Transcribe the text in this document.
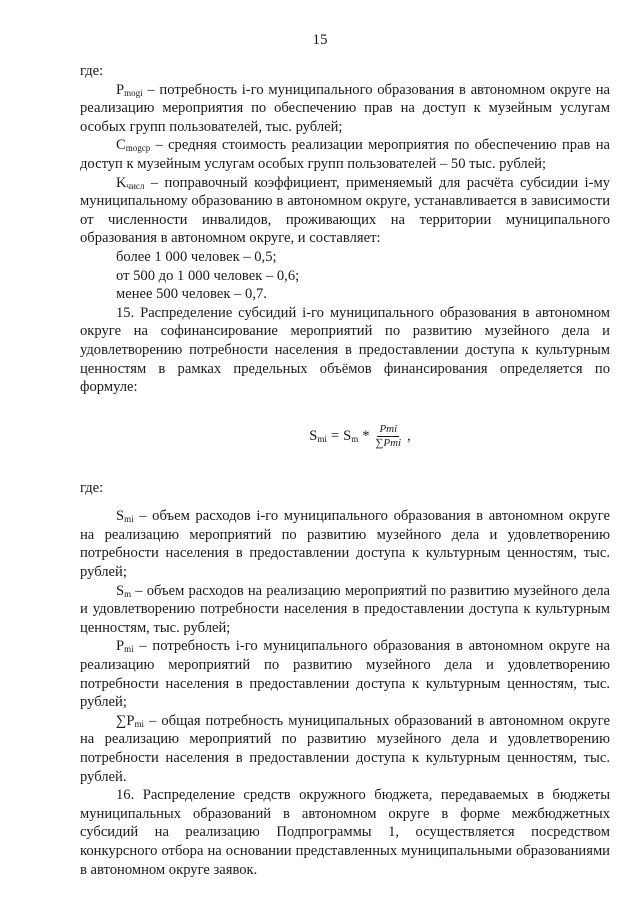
15

где:

$P_{mogi}$ – потребность i-го муниципального образования в автономном округе на реализацию мероприятия по обеспечению прав на доступ к музейным услугам особых групп пользователей, тыс. рублей;

$C_{mogср}$ – средняя стоимость реализации мероприятия по обеспечению прав на доступ к музейным услугам особых групп пользователей – 50 тыс. рублей;

$K_{числ}$ – поправочный коэффициент, применяемый для расчёта субсидии i-му муниципальному образованию в автономном округе, устанавливается в зависимости от численности инвалидов, проживающих на территории муниципального образования в автономном округе, и составляет:

более 1 000 человек – 0,5;

от 500 до 1 000 человек – 0,6;

менее 500 человек – 0,7.

15. Распределение субсидий i-го муниципального образования в автономном округе на софинансирование мероприятий по развитию музейного дела и удовлетворению потребности населения в предоставлении доступа к культурным ценностям в рамках предельных объёмов финансирования определяется по формуле:

$S_{mi} = S_m * \frac{\text{Pmi}}{\text{∑Pmi}}$ ,

где:

$S_{mi}$ – объем расходов i-го муниципального образования в автономном округе на реализацию мероприятий по развитию музейного дела и удовлетворению потребности населения в предоставлении доступа к культурным ценностям, тыс. рублей;

$S_m$ – объем расходов на реализацию мероприятий по развитию музейного дела и удовлетворению потребности населения в предоставлении доступа к культурным ценностям, тыс. рублей;

$P_{mi}$ – потребность i-го муниципального образования в автономном округе на реализацию мероприятий по развитию музейного дела и удовлетворению потребности населения в предоставлении доступа к культурным ценностям, тыс. рублей;

$\sum P_{mi}$ – общая потребность муниципальных образований в автономном округе на реализацию мероприятий по развитию музейного дела и удовлетворению потребности населения в предоставлении доступа к культурным ценностям, тыс. рублей.

16. Распределение средств окружного бюджета, передаваемых в бюджеты муниципальных образований в автономном округе в форме межбюджетных субсидий на реализацию Подпрограммы 1, осуществляется посредством конкурсного отбора на основании представленных муниципальными образованиями в автономном округе заявок.
